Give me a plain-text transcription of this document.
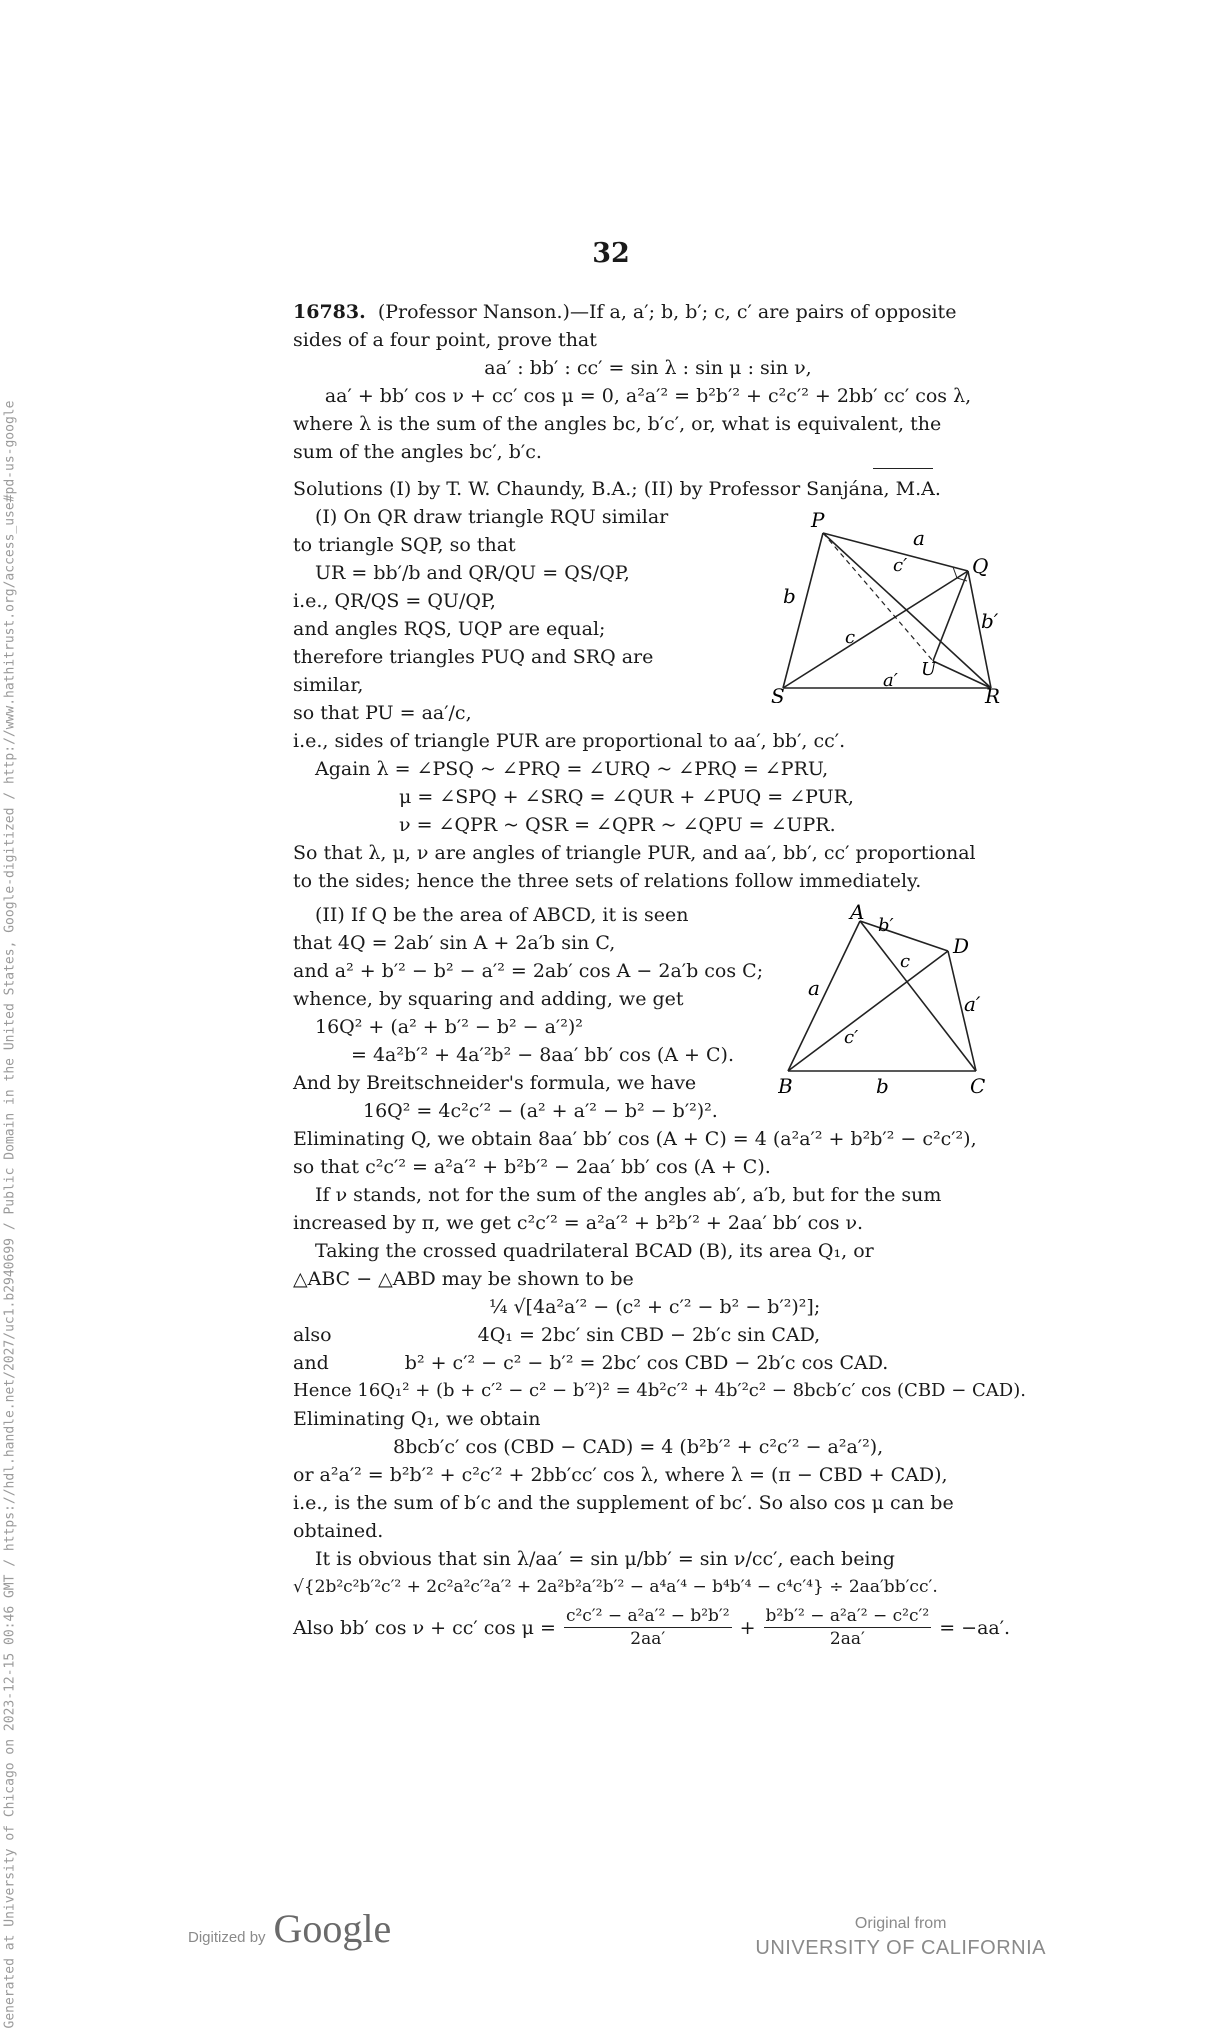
Generated at University of Chicago on 2023-12-15 00:46 GMT / https://hdl.handle.net/2027/uc1.b2940699 / Public Domain in the United States, Google-digitized / http://www.hathitrust.org/access_use#pd-us-google
32

16783. (Professor Nanson.)—If a, a′; b, b′; c, c′ are pairs of opposite

sides of a four point, prove that

aa′ : bb′ : cc′ = sin λ : sin μ : sin ν,

aa′ + bb′ cos ν + cc′ cos μ = 0, a²a′² = b²b′² + c²c′² + 2bb′ cc′ cos λ,

where λ is the sum of the angles bc, b′c′, or, what is equivalent, the

sum of the angles bc′, b′c.

Solutions (I) by T. W. Chaundy, B.A.; (II) by Professor Sanjána, M.A.

(I) On QR draw triangle RQU similar

to triangle SQP, so that

UR = bb′/b and QR/QU = QS/QP,

i.e., QR/QS = QU/QP,

and angles RQS, UQP are equal;

therefore triangles PUQ and SRQ are

similar,

so that PU = aa′/c,

P
Q
R
S
U
a
c′
b
b′
c
a′

i.e., sides of triangle PUR are proportional to aa′, bb′, cc′.

Again λ = ∠PSQ ~ ∠PRQ = ∠URQ ~ ∠PRQ = ∠PRU,

μ = ∠SPQ + ∠SRQ = ∠QUR + ∠PUQ = ∠PUR,

ν = ∠QPR ~ QSR = ∠QPR ~ ∠QPU = ∠UPR.

So that λ, μ, ν are angles of triangle PUR, and aa′, bb′, cc′ proportional

to the sides; hence the three sets of relations follow immediately.

(II) If Q be the area of ABCD, it is seen

that 4Q = 2ab′ sin A + 2a′b sin C,

and a² + b′² − b² − a′² = 2ab′ cos A − 2a′b cos C;

whence, by squaring and adding, we get

16Q² + (a² + b′² − b² − a′²)²

= 4a²b′² + 4a′²b² − 8aa′ bb′ cos (A + C).

And by Breitschneider's formula, we have

16Q² = 4c²c′² − (a² + a′² − b² − b′²)².

A
b′
D
c
a
a′
c′
B	b	C

Eliminating Q, we obtain 8aa′ bb′ cos (A + C) = 4 (a²a′² + b²b′² − c²c′²),

so that c²c′² = a²a′² + b²b′² − 2aa′ bb′ cos (A + C).

If ν stands, not for the sum of the angles ab′, a′b, but for the sum

increased by π, we get c²c′² = a²a′² + b²b′² + 2aa′ bb′ cos ν.

Taking the crossed quadrilateral BCAD (B), its area Q₁, or

△ABC − △ABD may be shown to be

¼ √[4a²a′² − (c² + c′² − b² − b′²)²];

also	4Q₁ = 2bc′ sin CBD − 2b′c sin CAD,

and	b² + c′² − c² − b′² = 2bc′ cos CBD − 2b′c cos CAD.

Hence 16Q₁² + (b + c′² − c² − b′²)² = 4b²c′² + 4b′²c² − 8bcb′c′ cos (CBD − CAD).

Eliminating Q₁, we obtain

8bcb′c′ cos (CBD − CAD) = 4 (b²b′² + c²c′² − a²a′²),

or a²a′² = b²b′² + c²c′² + 2bb′cc′ cos λ, where λ = (π − CBD + CAD),

i.e., is the sum of b′c and the supplement of bc′. So also cos μ can be

obtained.

It is obvious that sin λ/aa′ = sin μ/bb′ = sin ν/cc′, each being

√{2b²c²b′²c′² + 2c²a²c′²a′² + 2a²b²a′²b′² − a⁴a′⁴ − b⁴b′⁴ − c⁴c′⁴} ÷ 2aa′bb′cc′.

Also bb′ cos ν + cc′ $\cos \mu = \frac{\text{c²c′² − a²a′² − b²b′²}}{2aa'} + \frac{\text{b²b′² − a²a′² − c²c′²}}{2aa'} = -aa'$.
Digitized by Google	Original from
UNIVERSITY OF CALIFORNIA
